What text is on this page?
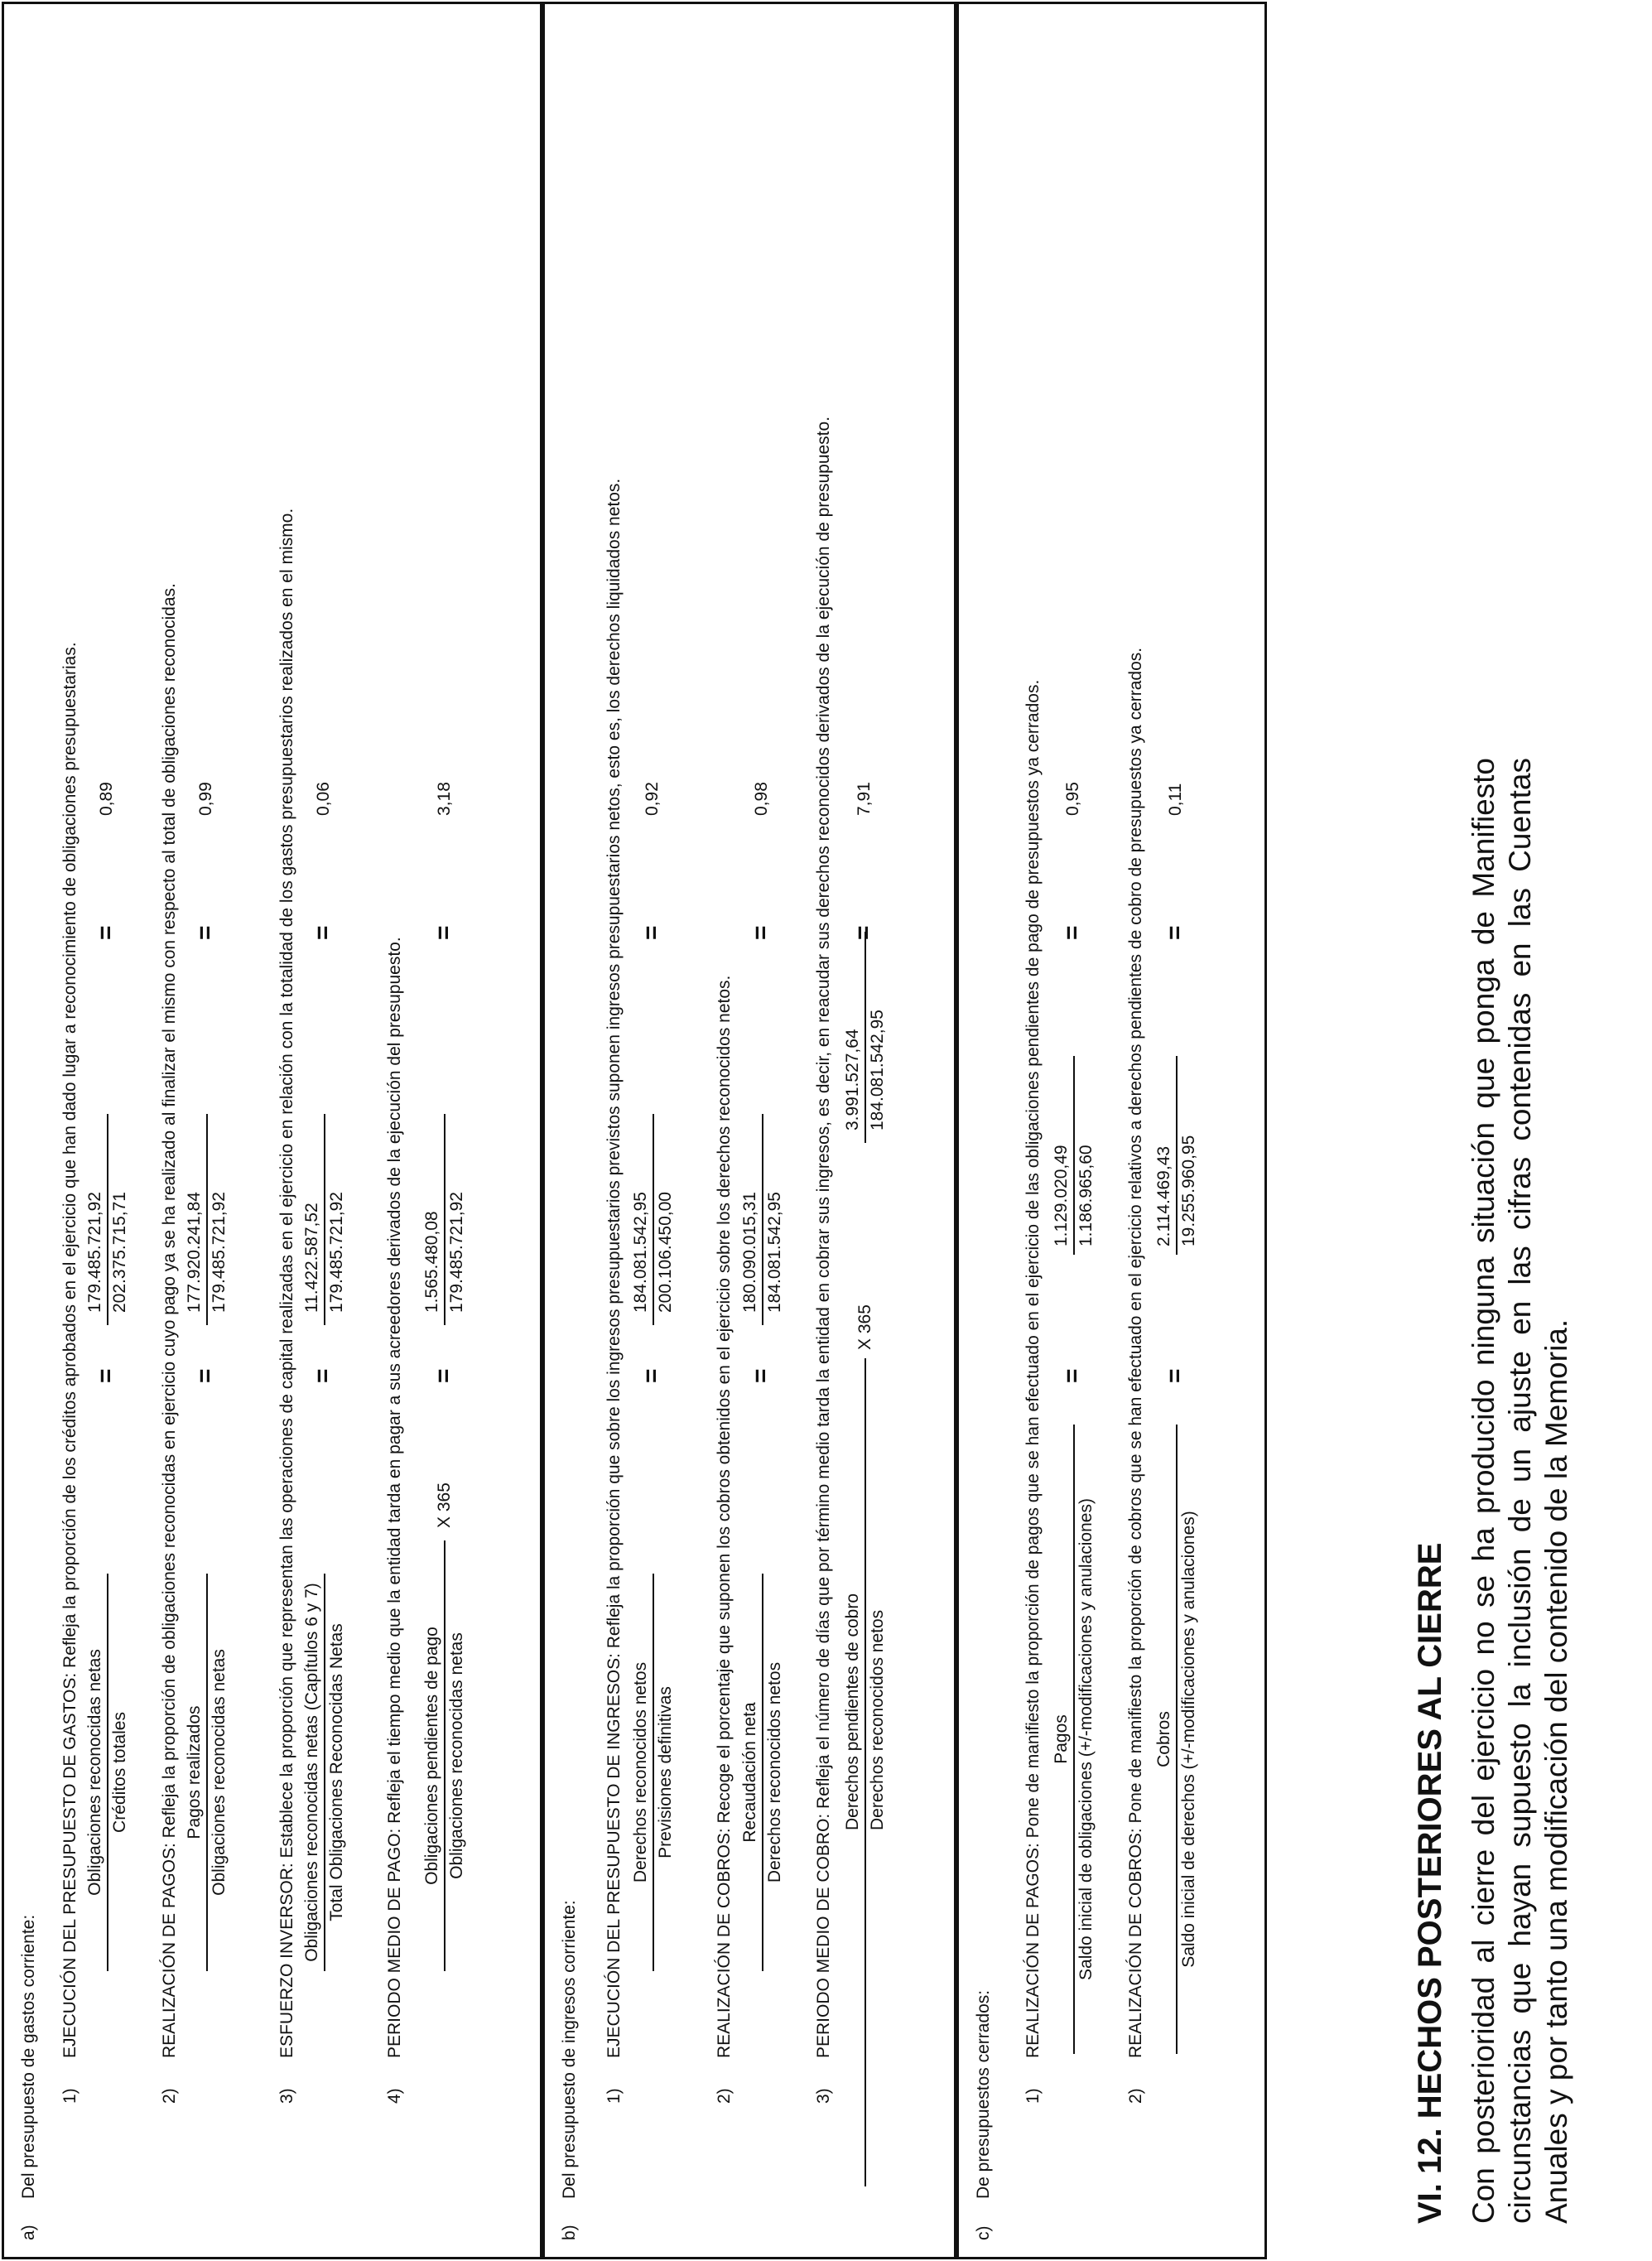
a)
Del presupuesto de gastos corriente: 1)
EJECUCIÓN DEL PRESUPUESTO DE GASTOS: Refleja la proporción de los créditos aprobados en el ejercicio que han dado lugar a reconocimiento de obligaciones presupuestarias. Obligaciones reconocidas netas Créditos totales
=
179.485.721,92 202.375.715,71
=
0,89
2)
REALIZACIÓN DE PAGOS: Refleja la proporción de obligaciones reconocidas en ejercicio cuyo pago ya se ha realizado al finalizar el mismo con respecto al total de obligaciones reconocidas. Pagos realizados Obligaciones reconocidas netas
=
177.920.241,84 179.485.721,92
=
0,99
3)
ESFUERZO INVERSOR: Establece la proporción que representan las operaciones de capital realizadas en el ejercicio en relación con la totalidad de los gastos presupuestarios realizados en el mismo. Obligaciones reconocidas netas (Capítulos 6 y 7) Total Obligaciones Reconocidas Netas
=
11.422.587,52 179.485.721,92
=
0,06
4)
PERIODO MEDIO DE PAGO: Refleja el tiempo medio que la entidad tarda en pagar a sus acreedores derivados de la ejecución del presupuesto. Obligaciones pendientes de pago Obligaciones reconocidas netas
X 365
=
1.565.480,08 179.485.721,92
=
3,18
b)
Del presupuesto de ingresos corriente: 1)
EJECUCIÓN DEL PRESUPUESTO DE INGRESOS: Refleja la proporción que sobre los ingresos presupuestarios previstos suponen ingresos presupuestarios netos, esto es, los derechos liquidados netos. Derechos reconocidos netos Previsiones definitivas
=
184.081.542,95 200.106.450,00
=
0,92
2)
REALIZACIÓN DE COBROS: Recoge el porcentaje que suponen los cobros obtenidos en el ejercicio sobre los derechos reconocidos netos. Recaudación neta Derechos reconocidos netos
=
180.090.015,31 184.081.542,95
=
0,98
3)
PERIODO MEDIO DE COBRO: Refleja el número de días que por término medio tarda la entidad en cobrar sus ingresos, es decir, en reacudar sus derechos reconocidos derivados de la ejecución de presupuesto. Derechos pendientes de cobro Derechos reconocidos netos
X 365
3.991.527,64 184.081.542,95
=
7,91
c)
De presupuestos cerrados: 1)
REALIZACIÓN DE PAGOS: Pone de manifiesto la proporción de pagos que se han efectuado en el ejercicio de las obligaciones pendientes de pago de presupuestos ya cerrados. Pagos Saldo inicial de obligaciones (+/-modificaciones y anulaciones)
=
1.129.020,49 1.186.965,60
=
0,95
2)
REALIZACIÓN DE COBROS: Pone de manifiesto la proporción de cobros que se han efectuado en el ejercicio relativos a derechos pendientes de cobro de presupuestos ya cerrados. Cobros Saldo inicial de derechos (+/-modificaciones y anulaciones)
=
2.114.469,43 19.255.960,95
=
0,11
VI. 12. HECHOS POSTERIORES AL CIERRE Con posterioridad al cierre del ejercicio no se ha producido ninguna situación que ponga de Manifiesto circunstancias que hayan supuesto la inclusión de un ajuste en las cifras contenidas en las Cuentas Anuales y por tanto una modificación del contenido de la Memoria.
